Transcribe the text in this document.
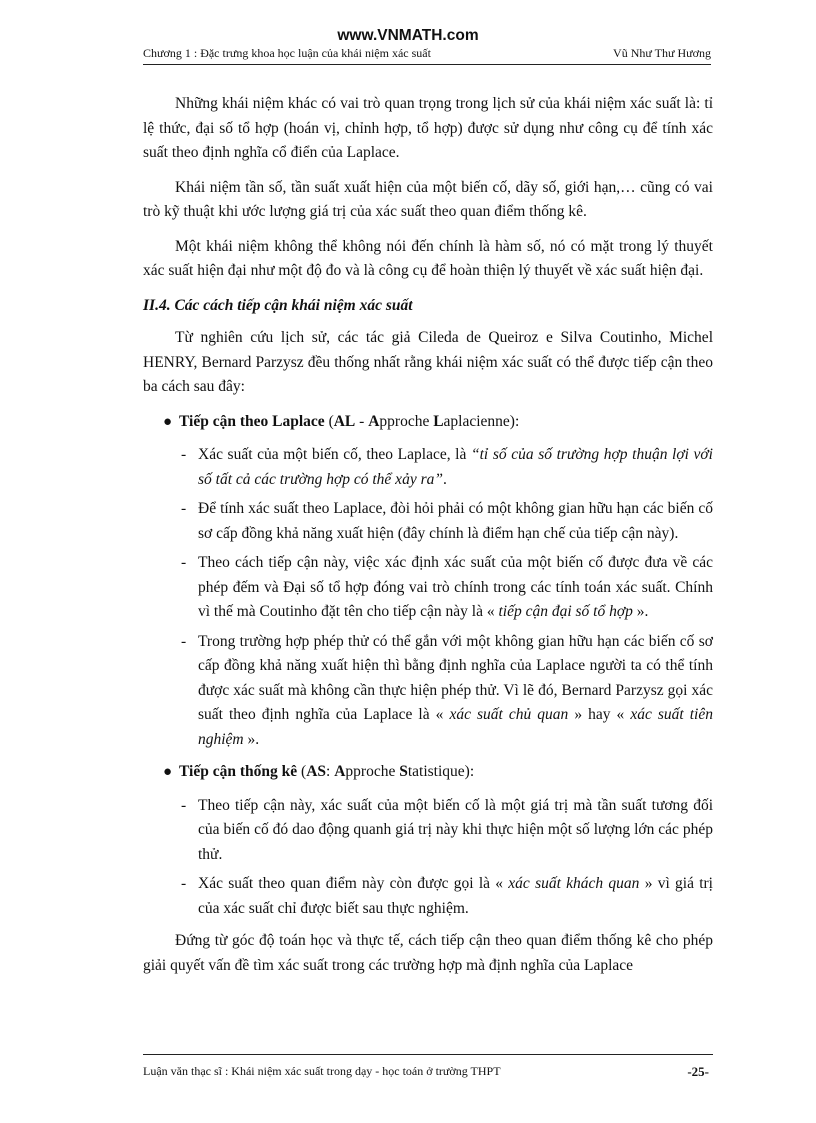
www.VNMATH.com
Chương 1 : Đặc trưng khoa học luận của khái niệm xác suất	Vũ Như Thư Hương

Những khái niệm khác có vai trò quan trọng trong lịch sử của khái niệm xác suất là: tỉ lệ thức, đại số tổ hợp (hoán vị, chỉnh hợp, tổ hợp) được sử dụng như công cụ để tính xác suất theo định nghĩa cổ điển của Laplace.

Khái niệm tần số, tần suất xuất hiện của một biến cố, dãy số, giới hạn,… cũng có vai trò kỹ thuật khi ước lượng giá trị của xác suất theo quan điểm thống kê.

Một khái niệm không thể không nói đến chính là hàm số, nó có mặt trong lý thuyết xác suất hiện đại như một độ đo và là công cụ để hoàn thiện lý thuyết về xác suất hiện đại.

II.4. Các cách tiếp cận khái niệm xác suất

Từ nghiên cứu lịch sử, các tác giả Cileda de Queiroz e Silva Coutinho, Michel HENRY, Bernard Parzysz đều thống nhất rằng khái niệm xác suất có thể được tiếp cận theo ba cách sau đây:

● Tiếp cận theo Laplace (AL - Approche Laplacienne):
- Xác suất của một biến cố, theo Laplace, là “tỉ số của số trường hợp thuận lợi với số tất cả các trường hợp có thể xảy ra”.
- Để tính xác suất theo Laplace, đòi hỏi phải có một không gian hữu hạn các biến cố sơ cấp đồng khả năng xuất hiện (đây chính là điểm hạn chế của tiếp cận này).
- Theo cách tiếp cận này, việc xác định xác suất của một biến cố được đưa về các phép đếm và Đại số tổ hợp đóng vai trò chính trong các tính toán xác suất. Chính vì thế mà Coutinho đặt tên cho tiếp cận này là « tiếp cận đại số tổ hợp ».
- Trong trường hợp phép thử có thể gắn với một không gian hữu hạn các biến cố sơ cấp đồng khả năng xuất hiện thì bằng định nghĩa của Laplace người ta có thể tính được xác suất mà không cần thực hiện phép thử. Vì lẽ đó, Bernard Parzysz gọi xác suất theo định nghĩa của Laplace là « xác suất chủ quan » hay « xác suất tiên nghiệm ».
● Tiếp cận thống kê (AS: Approche Statistique):
- Theo tiếp cận này, xác suất của một biến cố là một giá trị mà tần suất tương đối của biến cố đó dao động quanh giá trị này khi thực hiện một số lượng lớn các phép thử.
- Xác suất theo quan điểm này còn được gọi là « xác suất khách quan » vì giá trị của xác suất chỉ được biết sau thực nghiệm.

Đứng từ góc độ toán học và thực tế, cách tiếp cận theo quan điểm thống kê cho phép giải quyết vấn đề tìm xác suất trong các trường hợp mà định nghĩa của Laplace

Luận văn thạc sĩ : Khái niệm xác suất trong dạy - học toán ở trường THPT	-25-
